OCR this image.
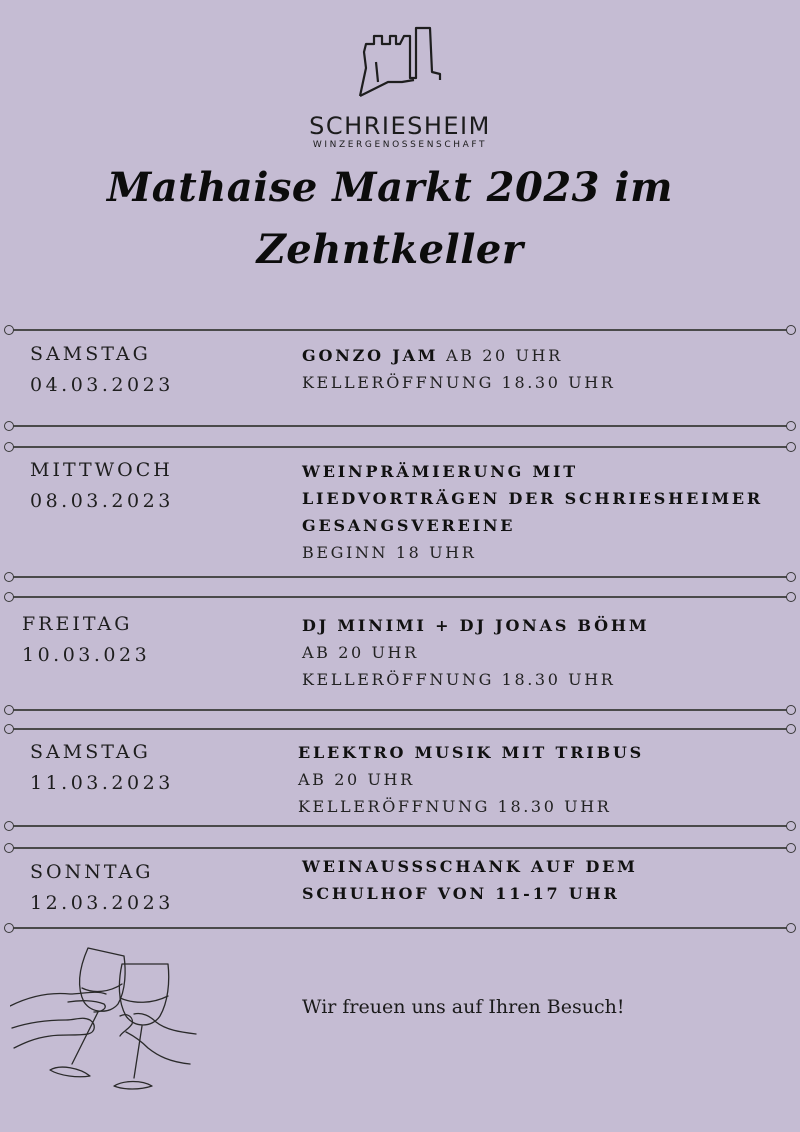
SCHRIESHEIM
WINZERGENOSSENSCHAFT
Mathaise Markt 2023 im
Zehntkeller
SAMSTAG
04.03.2023
GONZO JAM AB 20 UHR
KELLERÖFFNUNG 18.30 UHR
MITTWOCH
08.03.2023
WEINPRÄMIERUNG MIT
LIEDVORTRÄGEN DER SCHRIESHEIMER
GESANGSVEREINE
BEGINN 18 UHR
FREITAG
10.03.023
DJ MINIMI + DJ JONAS BÖHM
AB 20 UHR
KELLERÖFFNUNG 18.30 UHR
SAMSTAG
11.03.2023
ELEKTRO MUSIK MIT TRIBUS
AB 20 UHR
KELLERÖFFNUNG 18.30 UHR
SONNTAG
12.03.2023
WEINAUSSSCHANK AUF DEM
SCHULHOF VON 11-17 UHR
Wir freuen uns auf Ihren Besuch!
